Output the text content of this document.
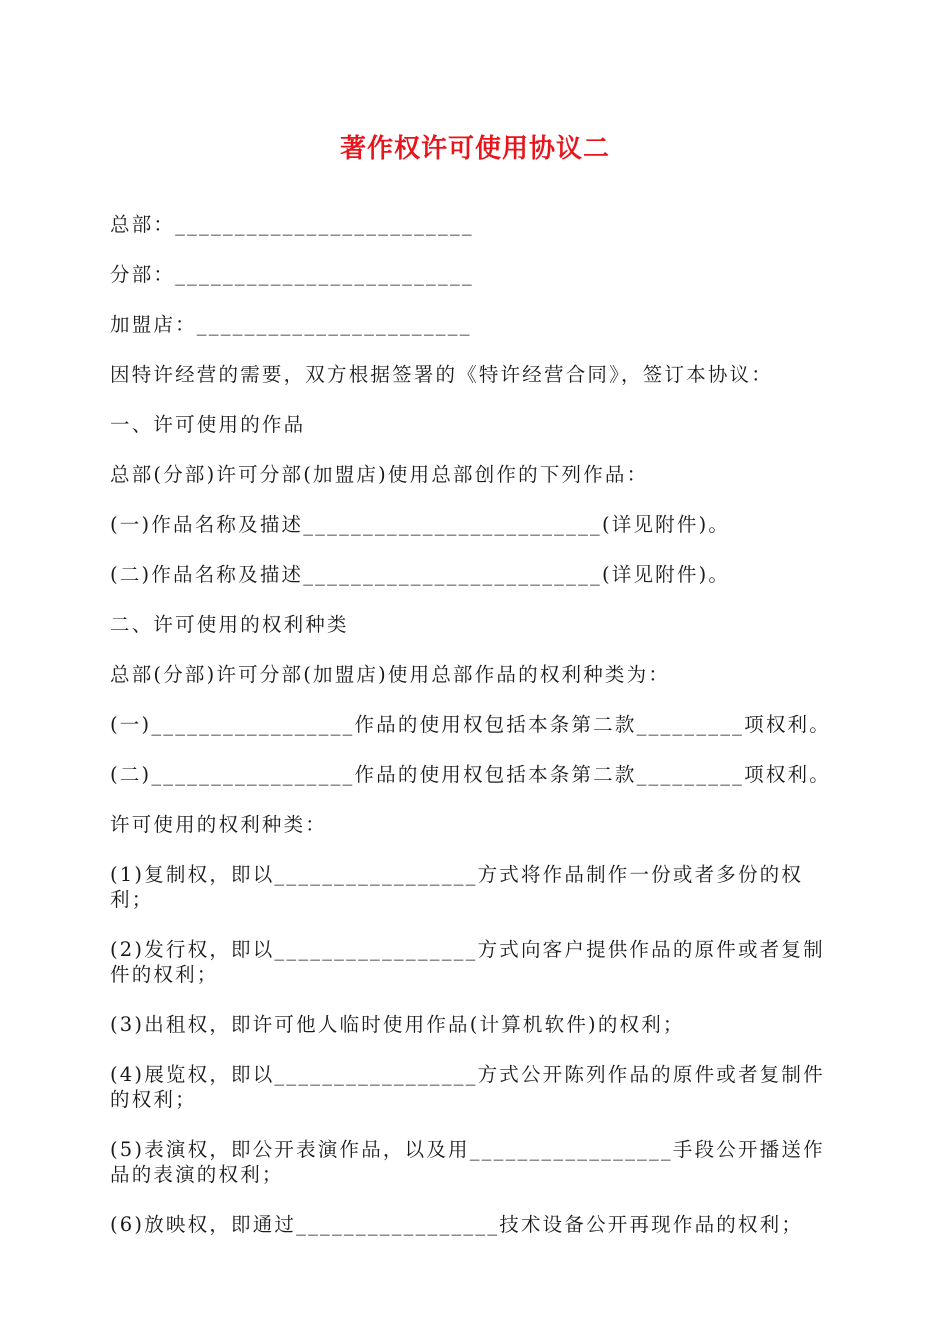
著作权许可使用协议二

总部：_________________________

分部：_________________________

加盟店：_______________________

因特许经营的需要，双方根据签署的《特许经营合同》，签订本协议：

一、许可使用的作品

总部(分部)许可分部(加盟店)使用总部创作的下列作品：

(一)作品名称及描述_________________________(详见附件)。

(二)作品名称及描述_________________________(详见附件)。

二、许可使用的权利种类

总部(分部)许可分部(加盟店)使用总部作品的权利种类为：

(一)_________________作品的使用权包括本条第二款_________项权利。

(二)_________________作品的使用权包括本条第二款_________项权利。

许可使用的权利种类：

(1)复制权，即以_________________方式将作品制作一份或者多份的权利；

(2)发行权，即以_________________方式向客户提供作品的原件或者复制件的权利；

(3)出租权，即许可他人临时使用作品(计算机软件)的权利；

(4)展览权，即以_________________方式公开陈列作品的原件或者复制件的权利；

(5)表演权，即公开表演作品，以及用_________________手段公开播送作品的表演的权利；

(6)放映权，即通过_________________技术设备公开再现作品的权利；
